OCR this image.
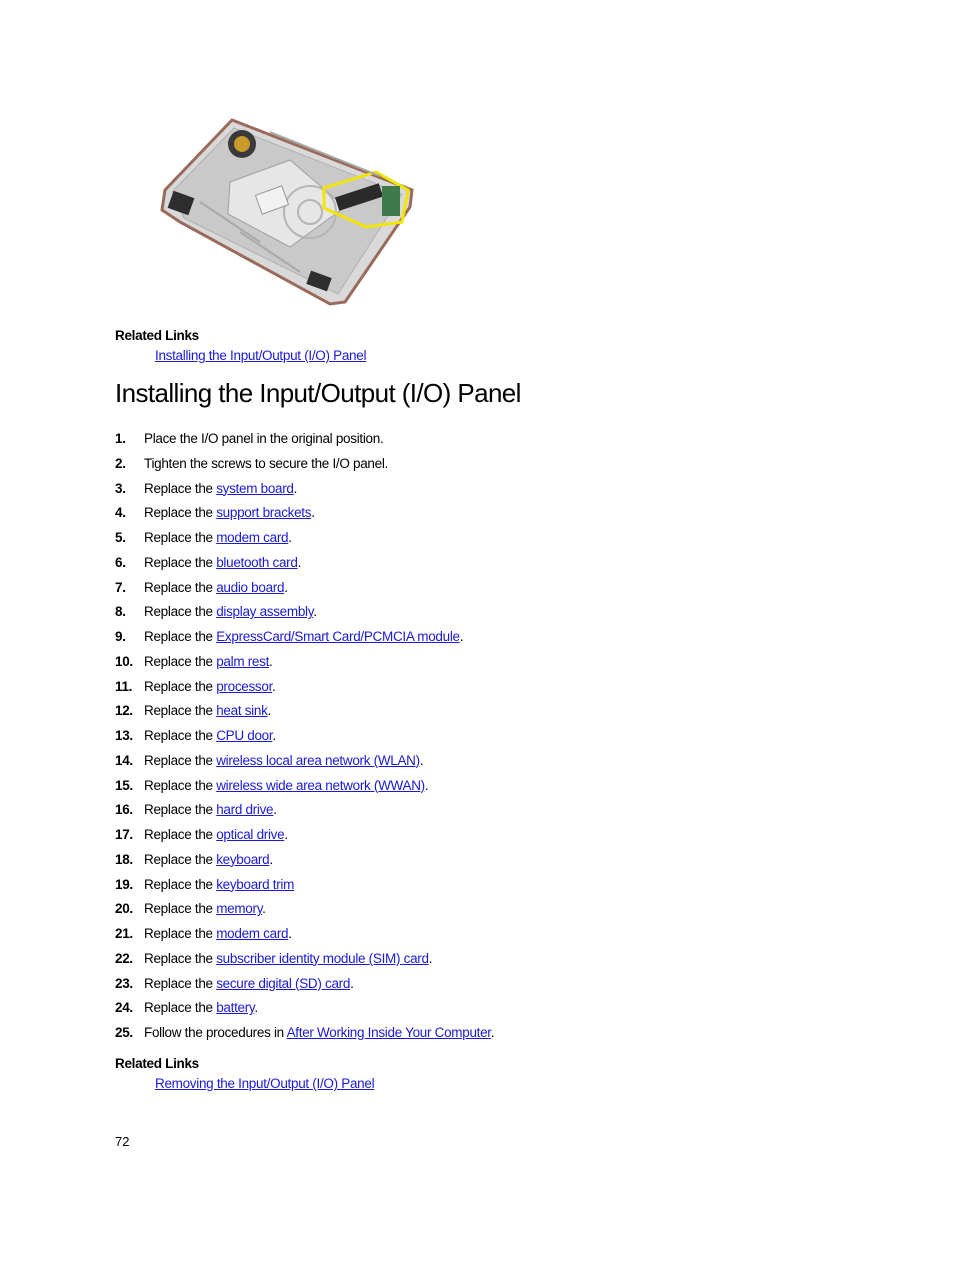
Related Links
Installing the Input/Output (I/O) Panel
Installing the Input/Output (I/O) Panel
1. Place the I/O panel in the original position.
2. Tighten the screws to secure the I/O panel.
3. Replace the system board.
4. Replace the support brackets.
5. Replace the modem card.
6. Replace the bluetooth card.
7. Replace the audio board.
8. Replace the display assembly.
9. Replace the ExpressCard/Smart Card/PCMCIA module.
10. Replace the palm rest.
11. Replace the processor.
12. Replace the heat sink.
13. Replace the CPU door.
14. Replace the wireless local area network (WLAN).
15. Replace the wireless wide area network (WWAN).
16. Replace the hard drive.
17. Replace the optical drive.
18. Replace the keyboard.
19. Replace the keyboard trim
20. Replace the memory.
21. Replace the modem card.
22. Replace the subscriber identity module (SIM) card.
23. Replace the secure digital (SD) card.
24. Replace the battery.
25. Follow the procedures in After Working Inside Your Computer.
Related Links
Removing the Input/Output (I/O) Panel
72
